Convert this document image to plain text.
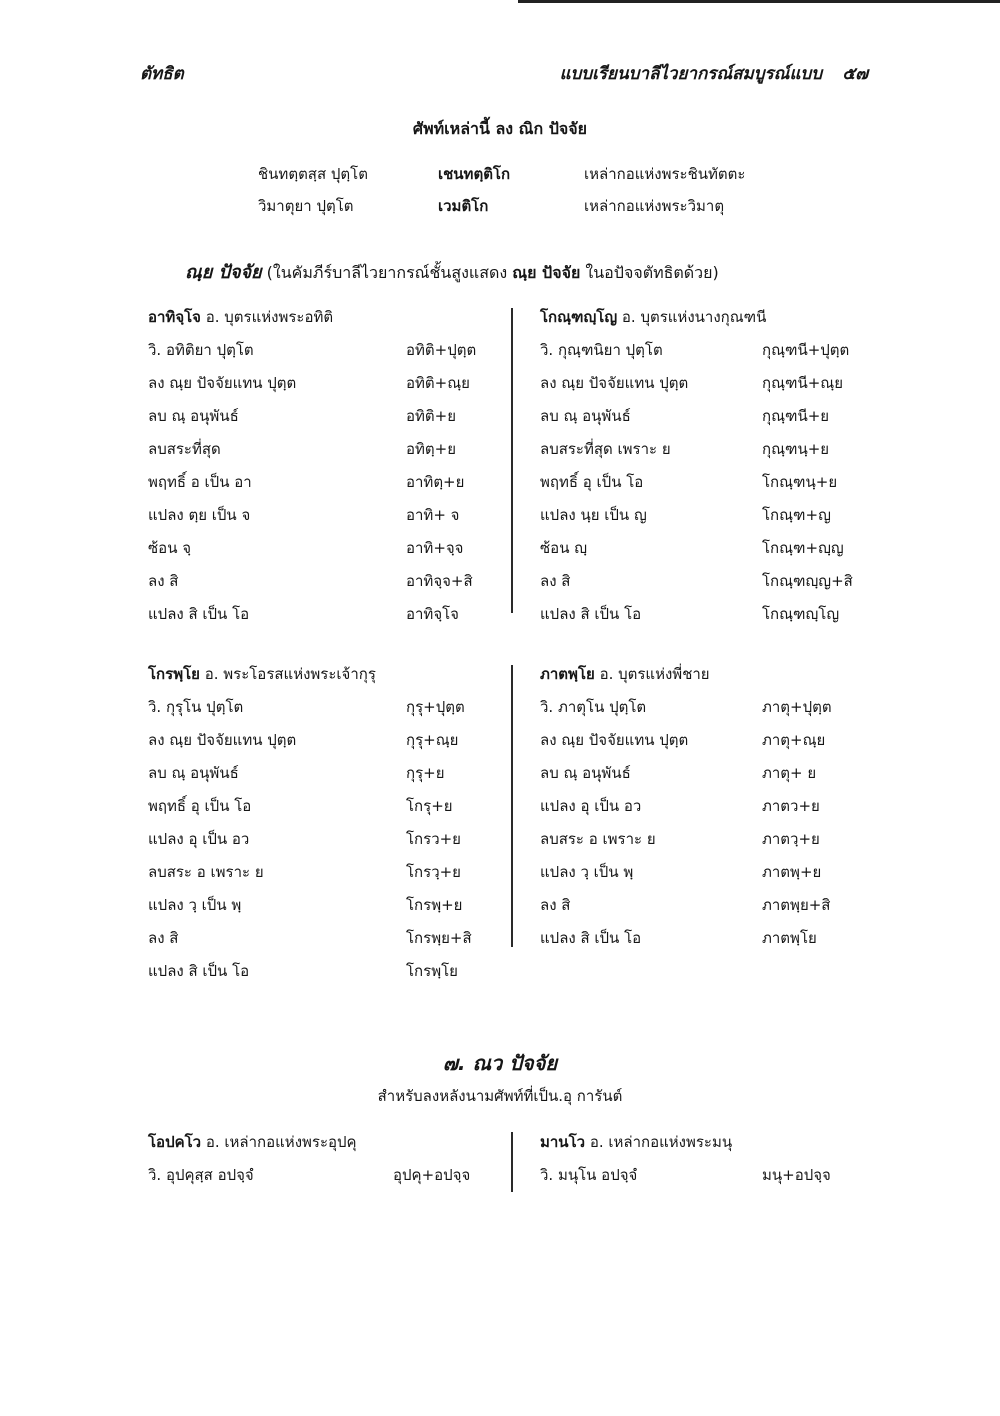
ตัทธิต	แบบเรียนบาลีไวยากรณ์สมบูรณ์แบบ ๕๗
ศัพท์เหล่านี้ ลง ณิก ปัจจัย
ชินทตฺตสฺส ปุตฺโต	เชนทตฺติโก	เหล่ากอแห่งพระชินทัตตะ
วิมาตุยา ปุตฺโต	เวมติโก	เหล่ากอแห่งพระวิมาตุ
ณฺย ปัจจัย (ในคัมภีร์บาลีไวยากรณ์ชั้นสูงแสดง ณฺย ปัจจัย ในอปัจจตัทธิตด้วย)
อาทิจฺโจ อ. บุตรแห่งพระอทิติ
วิ. อทิติยา ปุตฺโต	อทิติ+ปุตฺต
ลง ณฺย ปัจจัยแทน ปุตฺต	อทิติ+ณฺย
ลบ ณฺ อนุพันธ์	อทิติ+ย
ลบสระที่สุด	อทิตฺ+ย
พฤทธิ์ อ เป็น อา	อาทิตฺ+ย
แปลง ตฺย เป็น จ	อาทิ+ จ
ซ้อน จฺ	อาทิ+จฺจ
ลง สิ	อาทิจฺจ+สิ
แปลง สิ เป็น โอ	อาทิจฺโจ
โกณฺฑญฺโญ อ. บุตรแห่งนางกุณฑนี
วิ. กุณฺฑนิยา ปุตฺโต	กุณฺฑนี+ปุตฺต
ลง ณฺย ปัจจัยแทน ปุตฺต	กุณฺฑนี+ณฺย
ลบ ณฺ อนุพันธ์	กุณฺฑนี+ย
ลบสระที่สุด เพราะ ย	กุณฺฑนฺ+ย
พฤทธิ์ อุ เป็น โอ	โกณฺฑนฺ+ย
แปลง นฺย เป็น ญ	โกณฺฑ+ญ
ซ้อน ญฺ	โกณฺฑ+ญฺญ
ลง สิ	โกณฺฑญฺญ+สิ
แปลง สิ เป็น โอ	โกณฺฑญฺโญ
โกรพฺโย อ. พระโอรสแห่งพระเจ้ากุรุ
วิ. กุรุโน ปุตฺโต	กุรุ+ปุตฺต
ลง ณฺย ปัจจัยแทน ปุตฺต	กุรุ+ณฺย
ลบ ณฺ อนุพันธ์	กุรุ+ย
พฤทธิ์ อุ เป็น โอ	โกรุ+ย
แปลง อุ เป็น อว	โกรว+ย
ลบสระ อ เพราะ ย	โกรวฺ+ย
แปลง วฺ เป็น พฺ	โกรพฺ+ย
ลง สิ	โกรพฺย+สิ
แปลง สิ เป็น โอ	โกรพฺโย
ภาตพฺโย อ. บุตรแห่งพี่ชาย
วิ. ภาตุโน ปุตฺโต	ภาตุ+ปุตฺต
ลง ณฺย ปัจจัยแทน ปุตฺต	ภาตุ+ณฺย
ลบ ณฺ อนุพันธ์	ภาตุ+ ย
แปลง อุ เป็น อว	ภาตว+ย
ลบสระ อ เพราะ ย	ภาตวฺ+ย
แปลง วฺ เป็น พฺ	ภาตพฺ+ย
ลง สิ	ภาตพฺย+สิ
แปลง สิ เป็น โอ	ภาตพฺโย
๗. ณว ปัจจัย
สำหรับลงหลังนามศัพท์ที่เป็น.อุ การันต์
โอปคโว อ. เหล่ากอแห่งพระอุปคุ
วิ. อุปคุสฺส อปจฺจํ	อุปคุ+อปจฺจ
มานโว อ. เหล่ากอแห่งพระมนุ
วิ. มนุโน อปจฺจํ	มนุ+อปจฺจ
